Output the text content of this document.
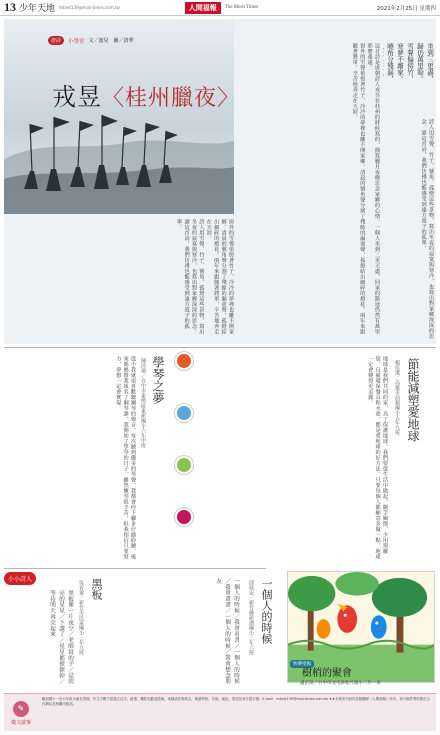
13 少年天地 mtnet139@mail-times.com.tw	人間福報	The Merit Times	2021年2月25日 星期四
唐詩	小學堂 文／波兒　圖／清華
戎昱〈桂州臘夜〉
坐到三更盡，
歸仍萬里賒。
雪聲偏傍竹，
寒夢不離家。
曉角分殘漏，

這首詩是唐朝詩人戎昱在桂州的時候寫的，描寫臘月夜晚思念家鄉的心情。一個人坐到三更天盡，回家的路途仍然有萬里那麼遙遠。

窗外的雪聲依傍著竹子，冷冷的夢裡也離不開家鄉。清晨的號角聲分割了殘餘的漏壺聲，孤燈結出細碎的燈花。兩年來跟隨著將軍，辛苦地奔走在天涯。

詩人用雪聲、竹子、號角、孤燈這些景物，寫出冬夜的寂寞與寒冷，也寫出對家鄉深深的思念。讀這首詩，我們彷彿也能感受到遠方遊子的孤單。

窗外的雪聲依傍著竹子，冷冷的夢裡也離不開家鄉。清晨的號角聲分割了殘餘的漏壺聲，孤燈結出細碎的燈花。兩年來跟隨著將軍，辛苦地奔走在天涯。

詩人用雪聲、竹子、號角、孤燈這些景物，寫出冬夜的寂寞與寒冷，也寫出對家鄉深深的思念。讀這首詩，我們彷彿也能感受到遠方遊子的孤單。

節能減塑愛地球
楊佳潔／高雄市前鎮國小五年九班
地球是我們共同的家，為了保護地球，我們要從生活中做起。隨手關燈、少用塑膠袋、自備環保餐具和水壺，都是愛地球的好方法。只要每個人都願意多做一點，地球一定會變得更美麗。
學琴之夢
陳沛瑜／台中市東勢區東新國小六年甲班
從小我就很喜歡聽鋼琴的聲音，每次聽到優美的琴聲，我都會停下腳步仔細聆聽。後來媽媽幫我報名了鋼琴課，我開始了學琴的日子。雖然練琴很辛苦，但我相信只要努力，夢想一定會實現。
小小詩人	一個人的時候
邱庭安／新竹縣新湖國小三年六班
一個人的時候／我會看書／一個人的時候／我會畫畫／一個人的時候／我會想念朋友
黑板
吳宥蓁／新竹市民富國小三年九班
黑板像一片夜空／老師寫的字／是閃亮的星星／下課了／星星都被擦掉／等待明天再亮起來
快樂塗鴉
樹梢的聚會
盧芷瑄／台中市北屯區松竹國小二年一班
✎
徵文啟事
歡迎國小一至六年級小朋友投稿，作文字數不超過五百字。繪畫、攝影也歡迎投稿。來稿請註明姓名、就讀學校、年級、地址、電話及身分證字號。E-mail：mtnet139@mail-times.com.tw ★★本報所刊登作品版權歸《人間福報》所有，部分稿件將收錄於合作網站及相關出版品。
